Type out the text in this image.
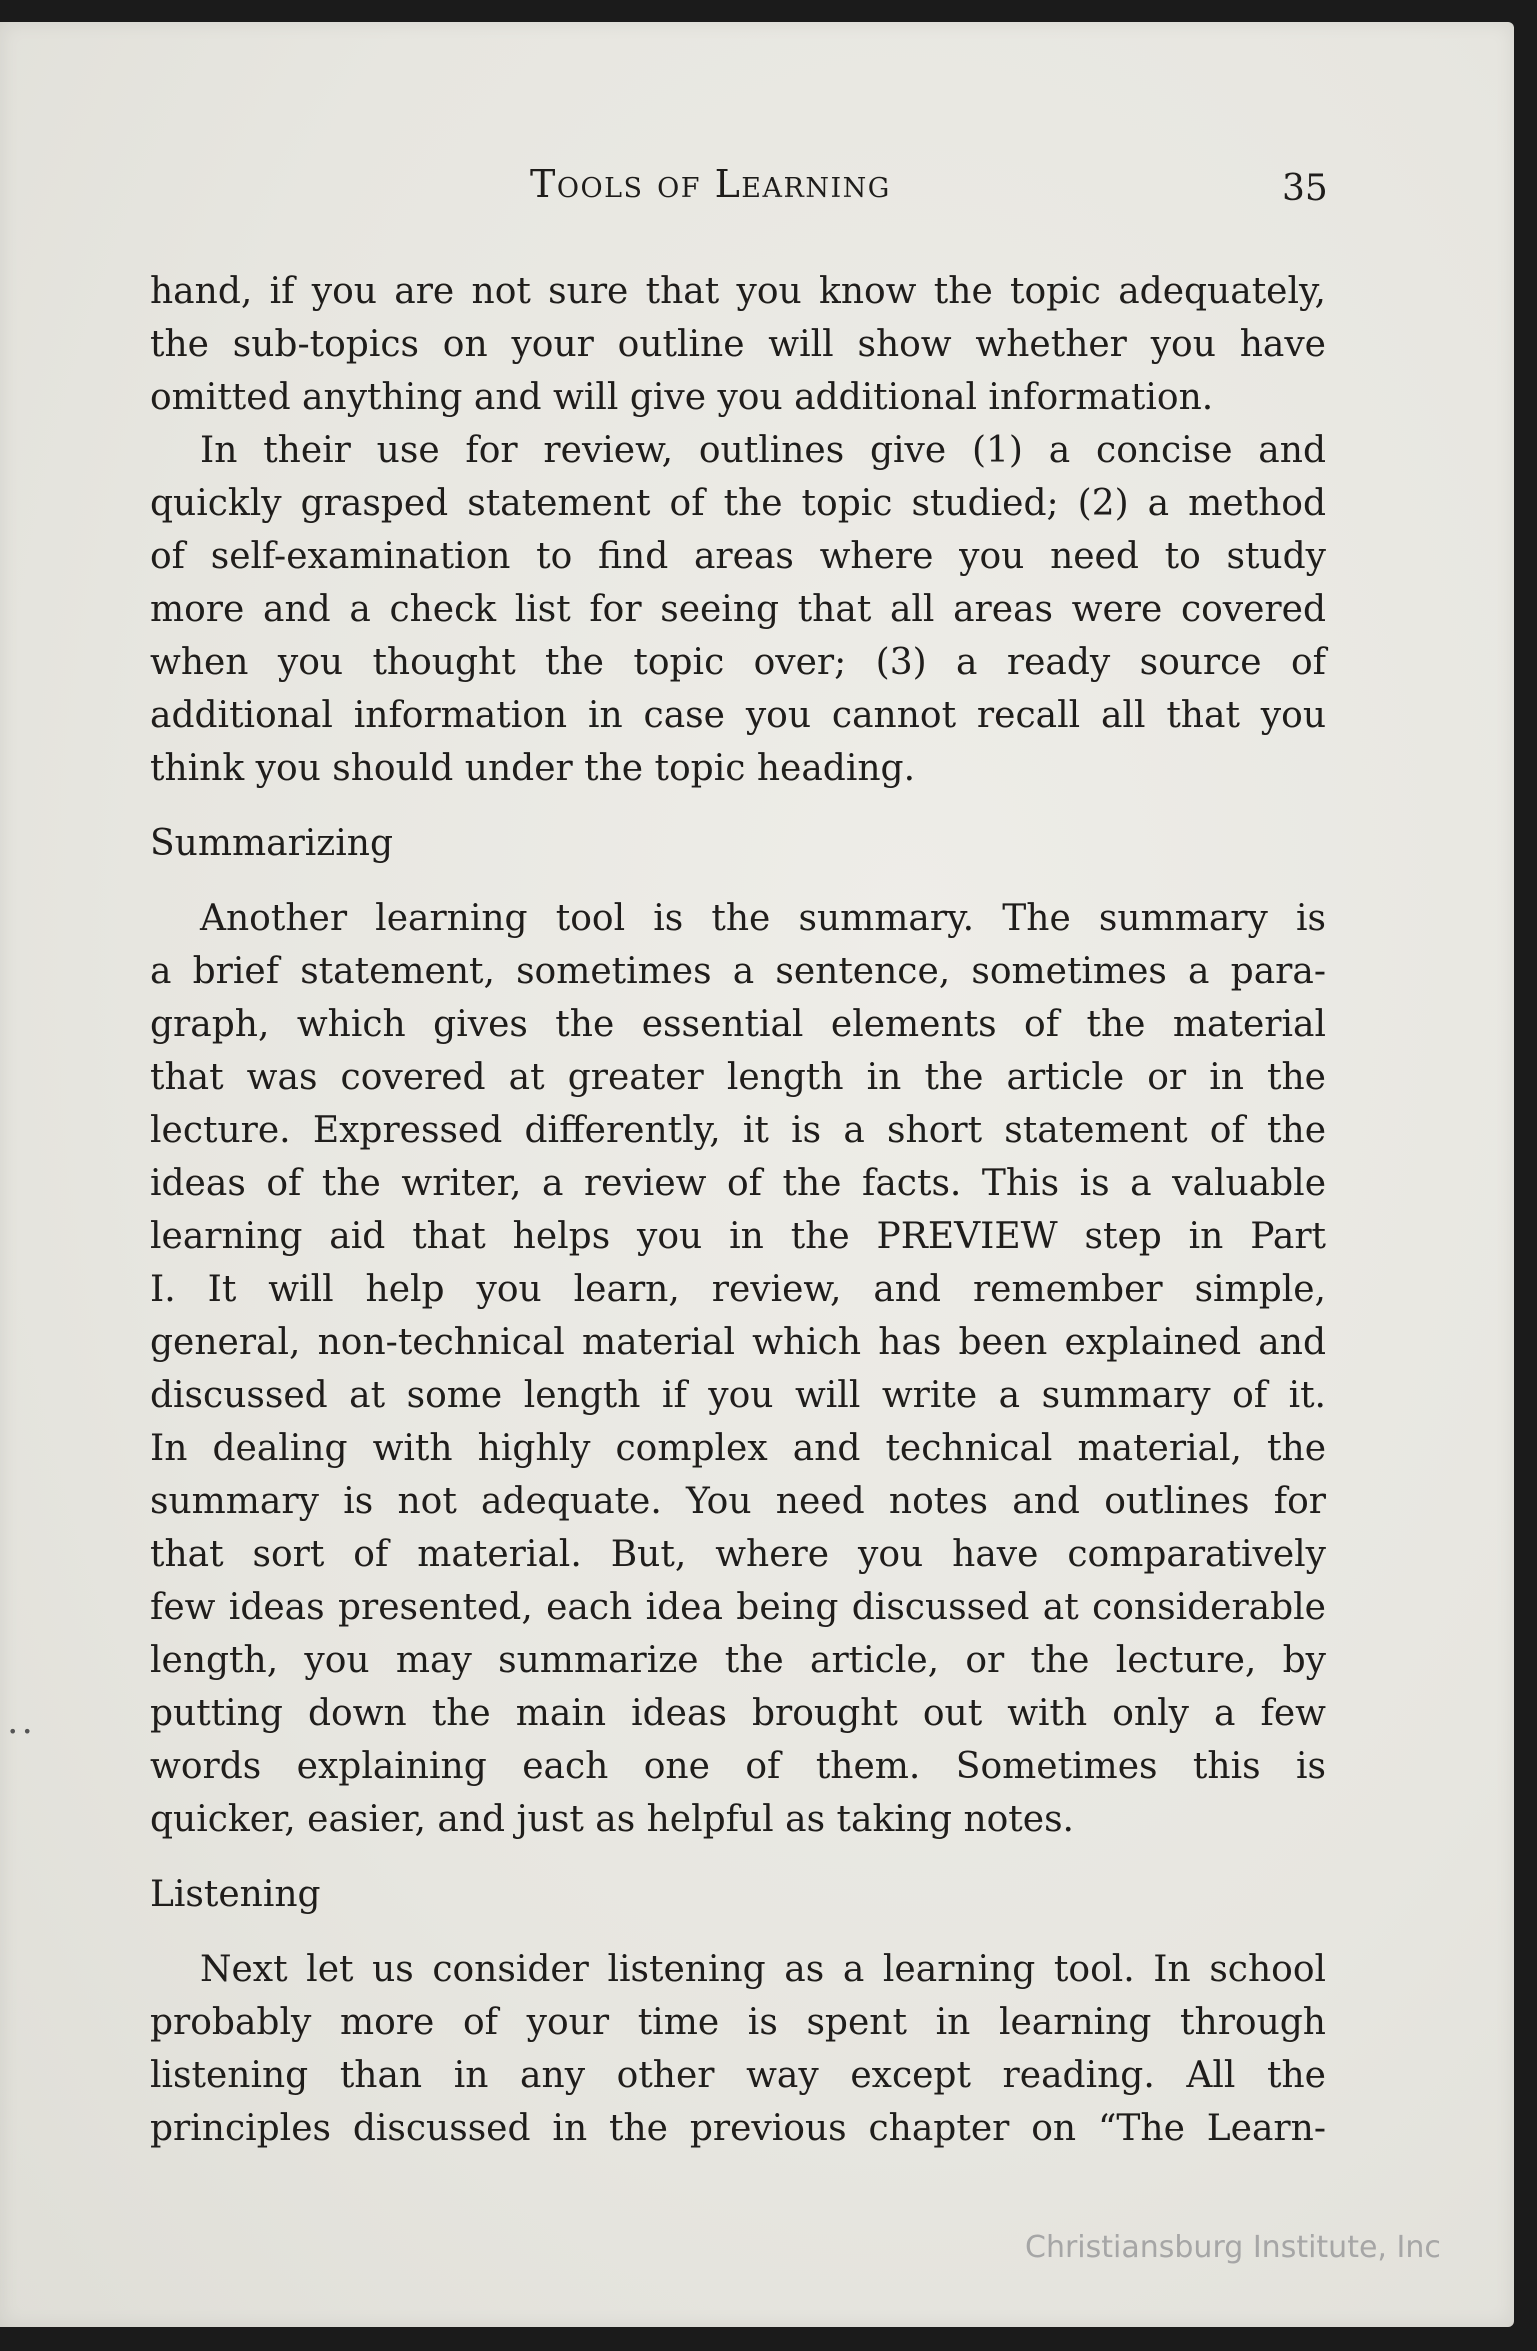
Tools of Learning	35
hand, if you are not sure that you know the topic adequately,
the sub-topics on your outline will show whether you have
omitted anything and will give you additional information.
In their use for review, outlines give (1) a concise and
quickly grasped statement of the topic studied; (2) a method
of self-examination to find areas where you need to study
more and a check list for seeing that all areas were covered
when you thought the topic over; (3) a ready source of
additional information in case you cannot recall all that you
think you should under the topic heading.
Summarizing
Another learning tool is the summary. The summary is
a brief statement, sometimes a sentence, sometimes a para-
graph, which gives the essential elements of the material
that was covered at greater length in the article or in the
lecture. Expressed differently, it is a short statement of the
ideas of the writer, a review of the facts. This is a valuable
learning aid that helps you in the PREVIEW step in Part
I. It will help you learn, review, and remember simple,
general, non-technical material which has been explained and
discussed at some length if you will write a summary of it.
In dealing with highly complex and technical material, the
summary is not adequate. You need notes and outlines for
that sort of material. But, where you have comparatively
few ideas presented, each idea being discussed at considerable
length, you may summarize the article, or the lecture, by
putting down the main ideas brought out with only a few
words explaining each one of them. Sometimes this is
quicker, easier, and just as helpful as taking notes.
Listening
Next let us consider listening as a learning tool. In school
probably more of your time is spent in learning through
listening than in any other way except reading. All the
principles discussed in the previous chapter on “The Learn-
• •
Christiansburg Institute, Inc
